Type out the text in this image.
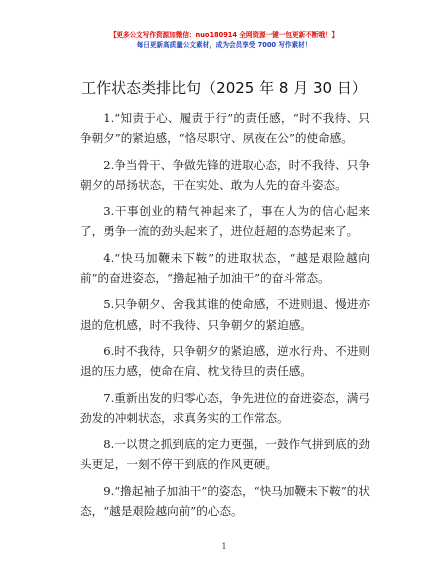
【更多公文写作资源加微信：nuo180914 全网资源一键一包更新不断哦！】
每日更新高质量公文素材，成为会员享受 7000 写作素材！
工作状态类排比句（2025 年 8 月 30 日）

1.“知责于心、履责于行”的责任感，“时不我待、只争朝夕”的紧迫感，“恪尽职守、夙夜在公”的使命感。

2.争当骨干、争做先锋的进取心态，时不我待、只争朝夕的昂扬状态，干在实处、敢为人先的奋斗姿态。

3.干事创业的精气神起来了，事在人为的信心起来了，勇争一流的劲头起来了，进位赶超的态势起来了。

4.“快马加鞭未下鞍”的进取状态，“越是艰险越向前”的奋进姿态，“撸起袖子加油干”的奋斗常态。

5.只争朝夕、舍我其谁的使命感，不进则退、慢进亦退的危机感，时不我待、只争朝夕的紧迫感。

6.时不我待，只争朝夕的紧迫感，逆水行舟、不进则退的压力感，使命在肩、枕戈待旦的责任感。

7.重新出发的归零心态，争先进位的奋进姿态，满弓劲发的冲刺状态，求真务实的工作常态。

8.一以贯之抓到底的定力更强，一鼓作气拼到底的劲头更足，一刻不停干到底的作风更硬。

9.“撸起袖子加油干”的姿态，“快马加鞭未下鞍”的状态，“越是艰险越向前”的心态。

1
